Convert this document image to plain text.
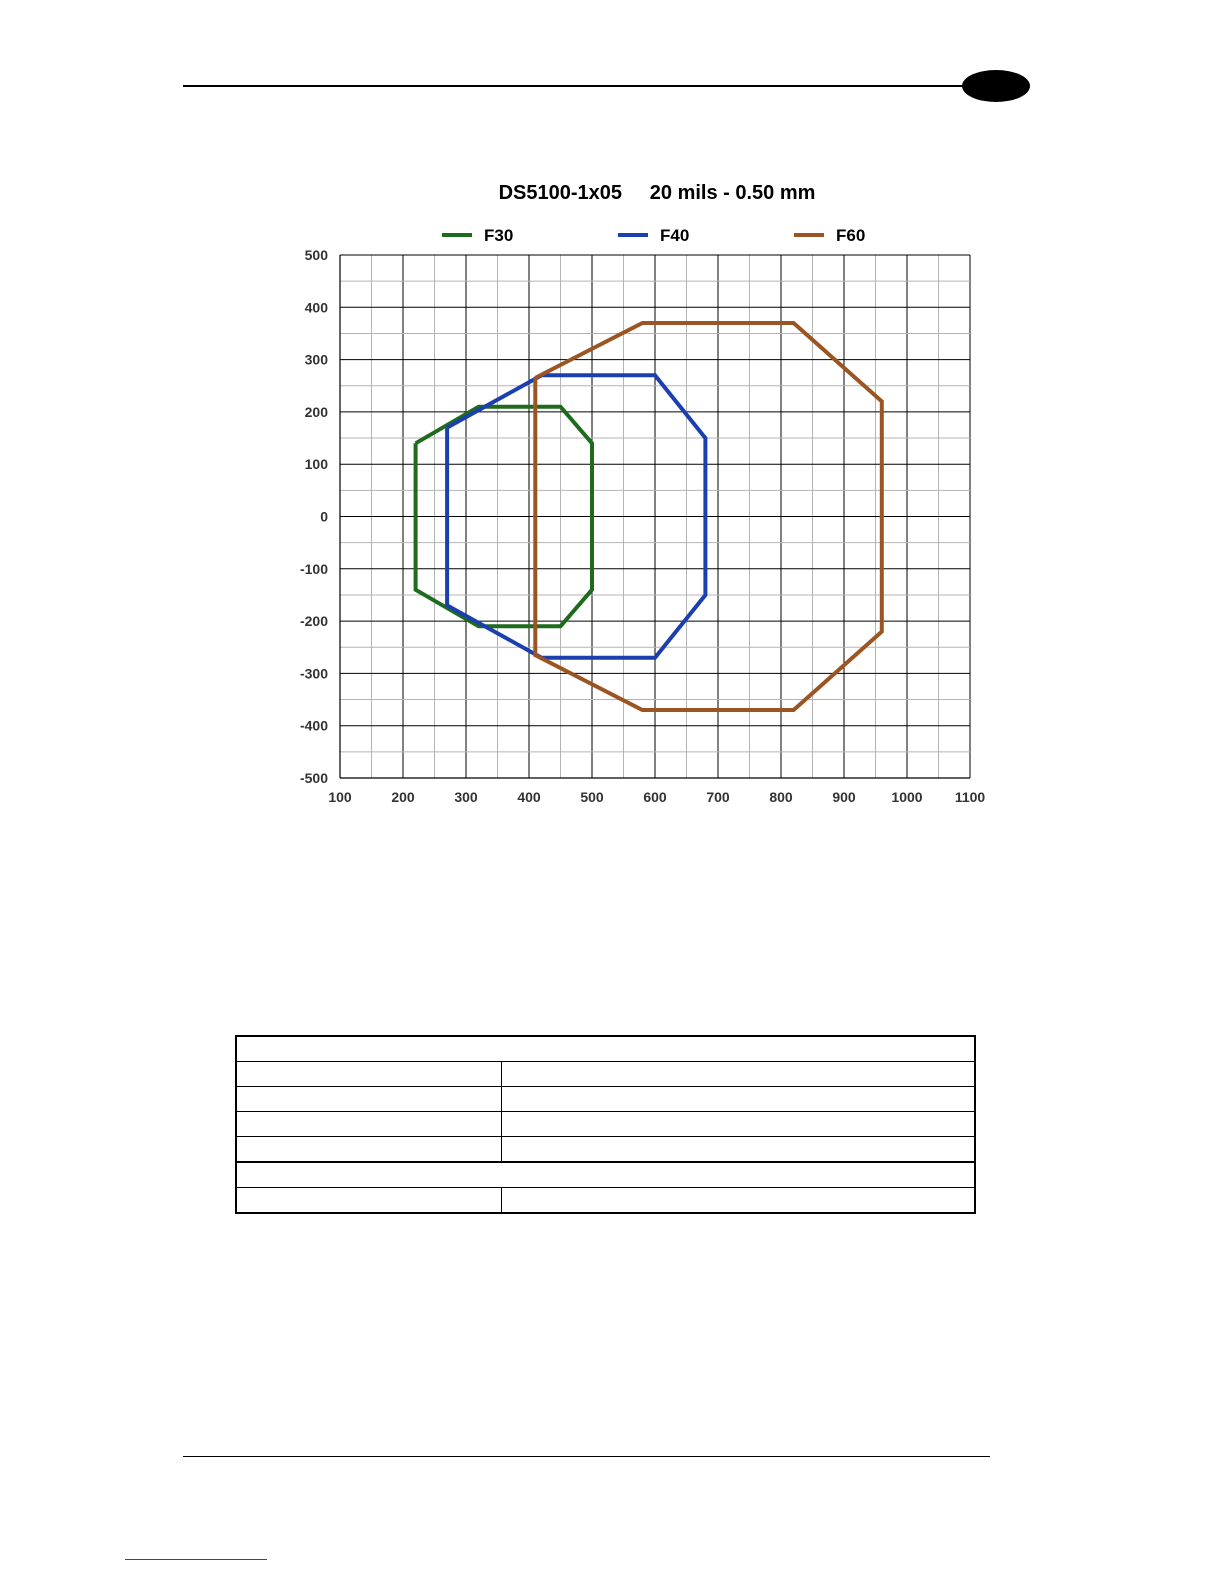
DS5100-1x05     20 mils - 0.50 mm
F30	F40	F60
100	200	300	400	500	600	700	800	900	1000 1100
500
400
300
200
100
0
-100
-200
-300
-400
-500
